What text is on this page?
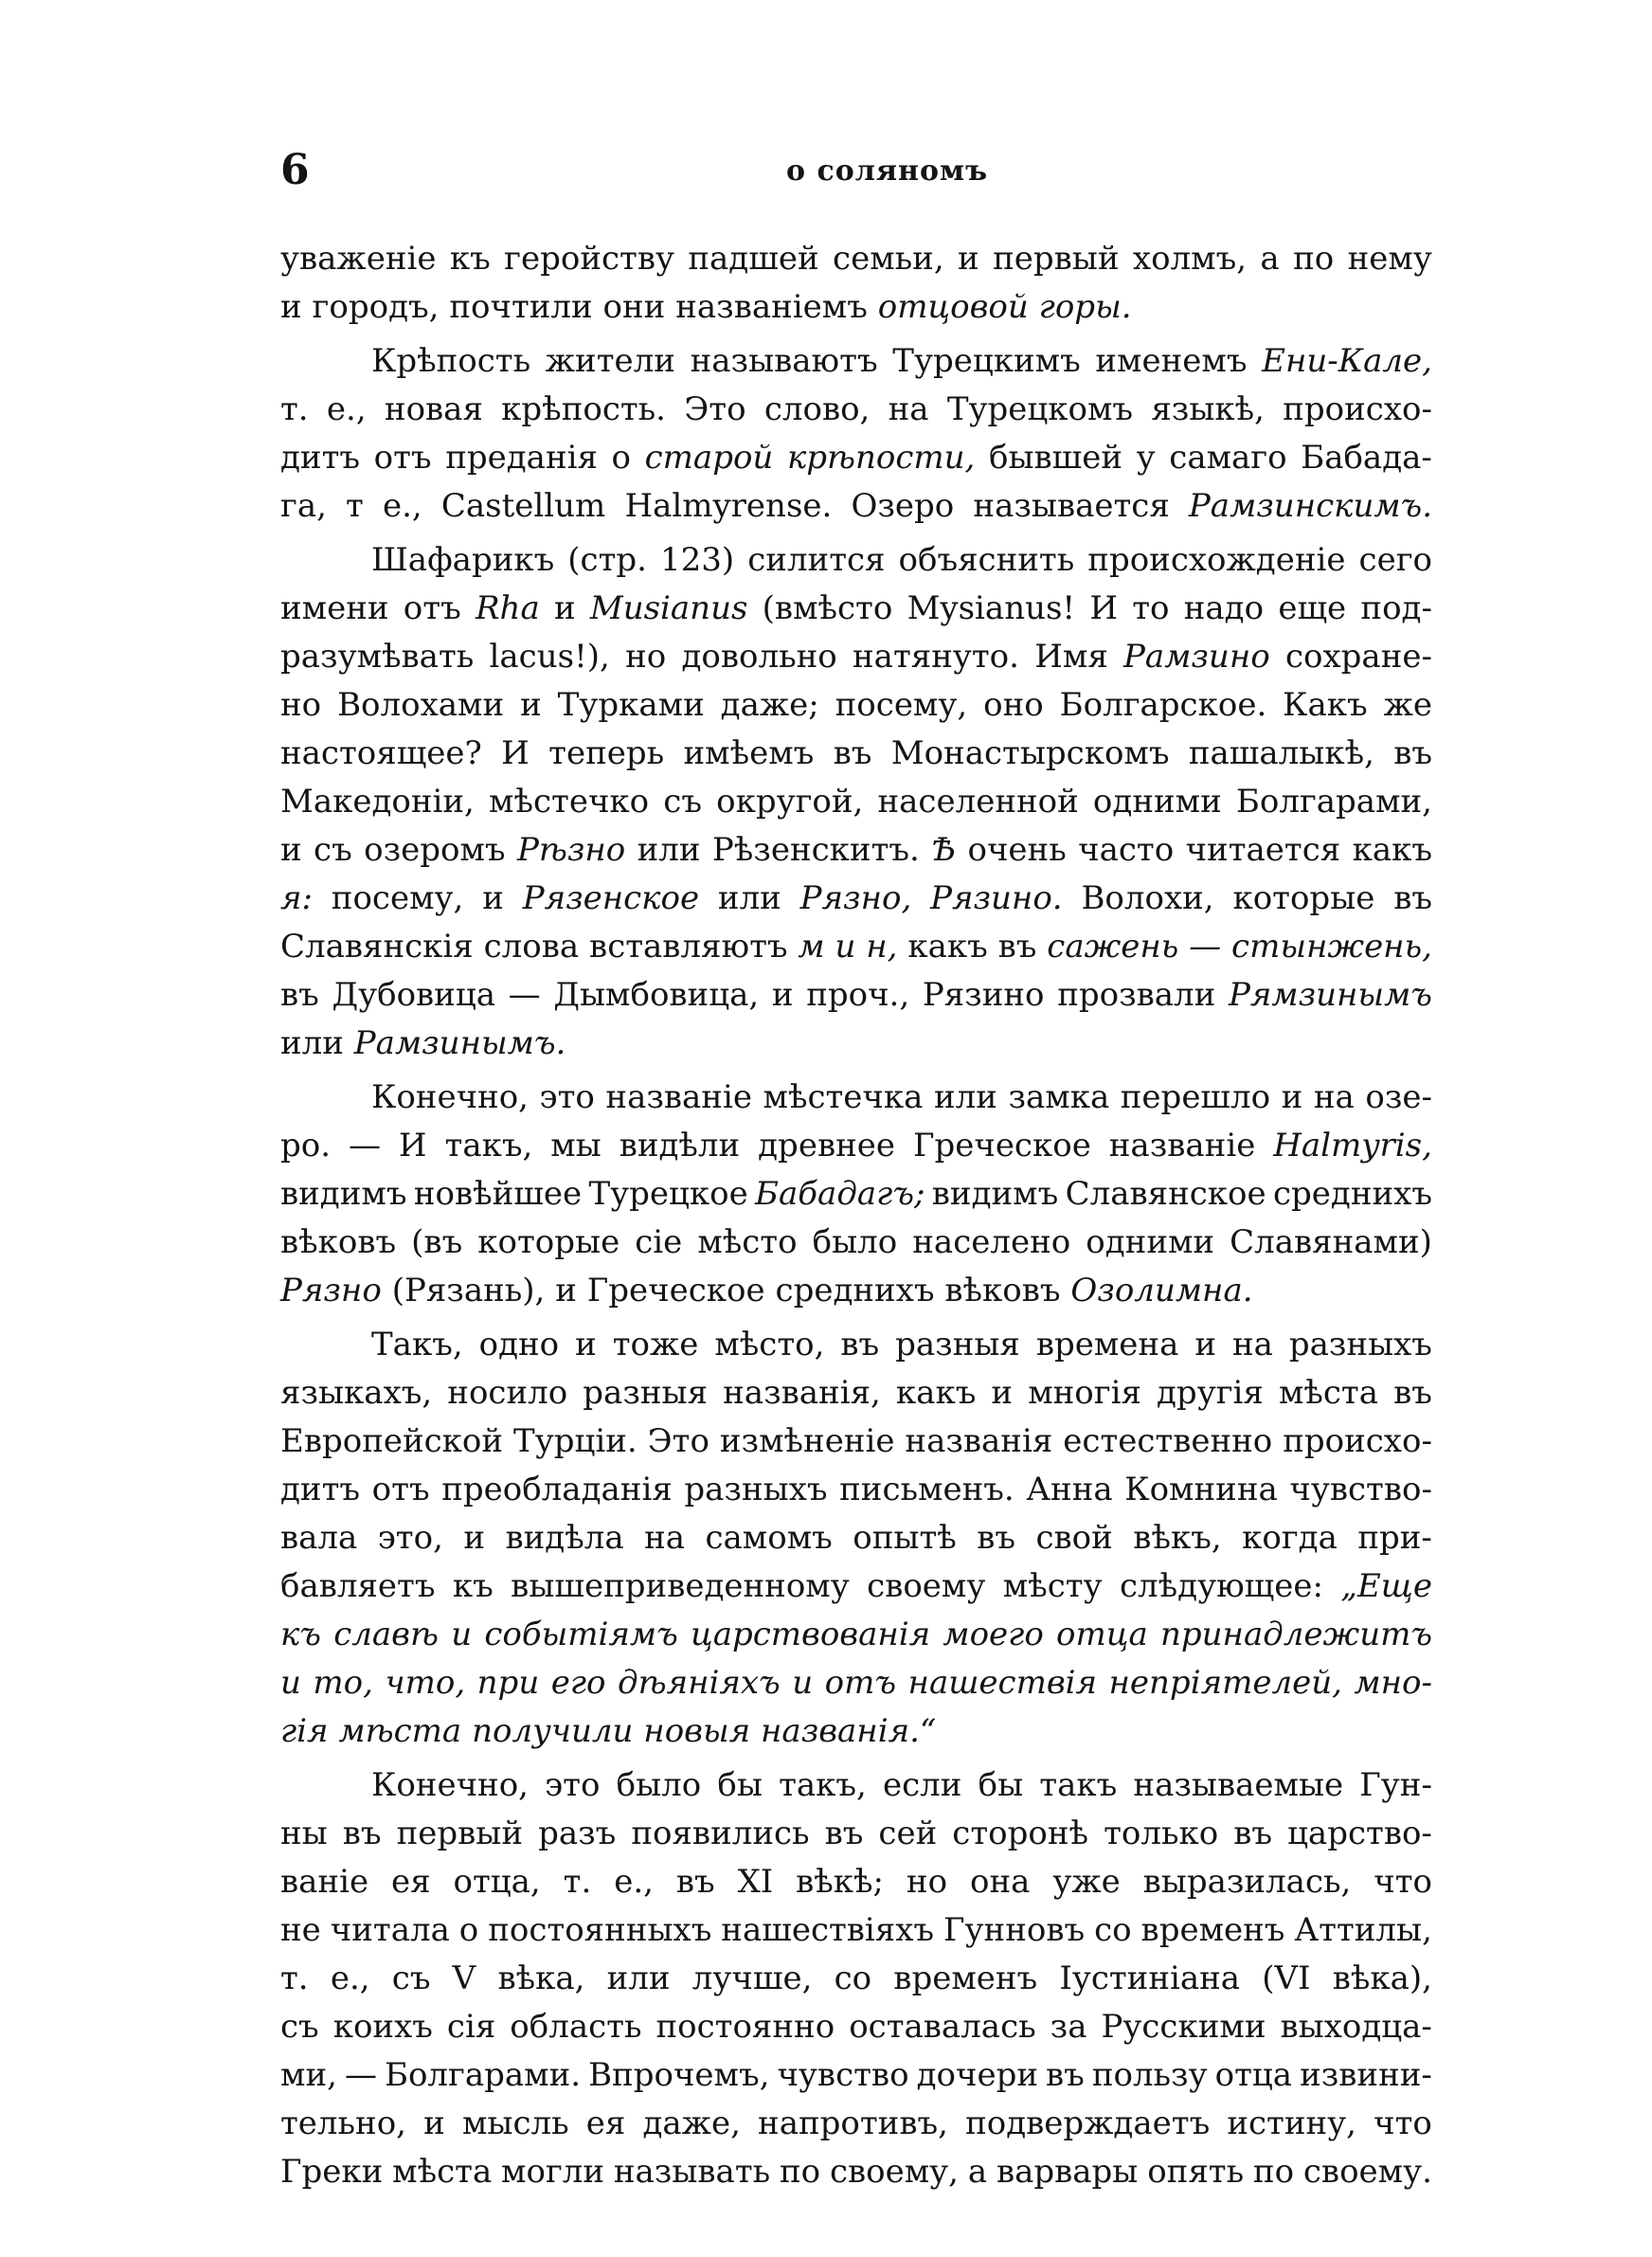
6	о соляномъ
уваженіе къ геройству падшей семьи, и первый холмъ, а по нему
и городъ, почтили они названіемъ отцовой горы.
Крѣпость жители называютъ Турецкимъ именемъ Ени-Кале,
т. е., новая крѣпость. Это слово, на Турецкомъ языкѣ, происхо-
дитъ отъ преданія о старой крѣпости, бывшей у самаго Бабада-
га, т е., Castellum Halmyrense. Озеро называется Рамзинскимъ.
Шафарикъ (стр. 123) силится объяснить происхожденіе сего
имени отъ Rha и Musianus (вмѣсто Mysianus! И то надо еще под-
разумѣвать lacus!), но довольно натянуто. Имя Рамзино сохране-
но Волохами и Турками даже; посему, оно Болгарское. Какъ же
настоящее? И теперь имѣемъ въ Монастырскомъ пашалыкѣ, въ
Македоніи, мѣстечко съ округой, населенной одними Болгарами,
и съ озеромъ Рѣзно или Рѣзенскитъ. Ѣ очень часто читается какъ
я: посему, и Рязенское или Рязно, Рязино. Волохи, которые въ
Славянскія слова вставляютъ м и н, какъ въ сажень — стынжень,
въ Дубовица — Дымбовица, и проч., Рязино прозвали Рямзинымъ
или Рамзинымъ.
Конечно, это названіе мѣстечка или замка перешло и на озе-
ро. — И такъ, мы видѣли древнее Греческое названіе Halmyris,
видимъ новѣйшее Турецкое Бабадагъ; видимъ Славянское среднихъ
вѣковъ (въ которые сіе мѣсто было населено одними Славянами)
Рязно (Рязань), и Греческое среднихъ вѣковъ Озолимна.
Такъ, одно и тоже мѣсто, въ разныя времена и на разныхъ
языкахъ, носило разныя названія, какъ и многія другія мѣста въ
Европейской Турціи. Это измѣненіе названія естественно происхо-
дитъ отъ преобладанія разныхъ письменъ. Анна Комнина чувство-
вала это, и видѣла на самомъ опытѣ въ свой вѣкъ, когда при-
бавляетъ къ вышеприведенному своему мѣсту слѣдующее: „Еще
къ славѣ и событіямъ царствованія моего отца принадлежитъ
и то, что, при его дѣяніяхъ и отъ нашествія непріятелей, мно-
гія мѣста получили новыя названія.“
Конечно, это было бы такъ, если бы такъ называемые Гун-
ны въ первый разъ появились въ сей сторонѣ только въ царство-
ваніе ея отца, т. е., въ XI вѣкѣ; но она уже выразилась, что
не читала о постоянныхъ нашествіяхъ Гунновъ со временъ Аттилы,
т. е., съ V вѣка, или лучше, со временъ Іустиніана (VI вѣка),
съ коихъ сія область постоянно оставалась за Русскими выходца-
ми, — Болгарами. Впрочемъ, чувство дочери въ пользу отца извини-
тельно, и мысль ея даже, напротивъ, подверждаетъ истину, что
Греки мѣста могли называть по своему, а варвары опять по своему.
